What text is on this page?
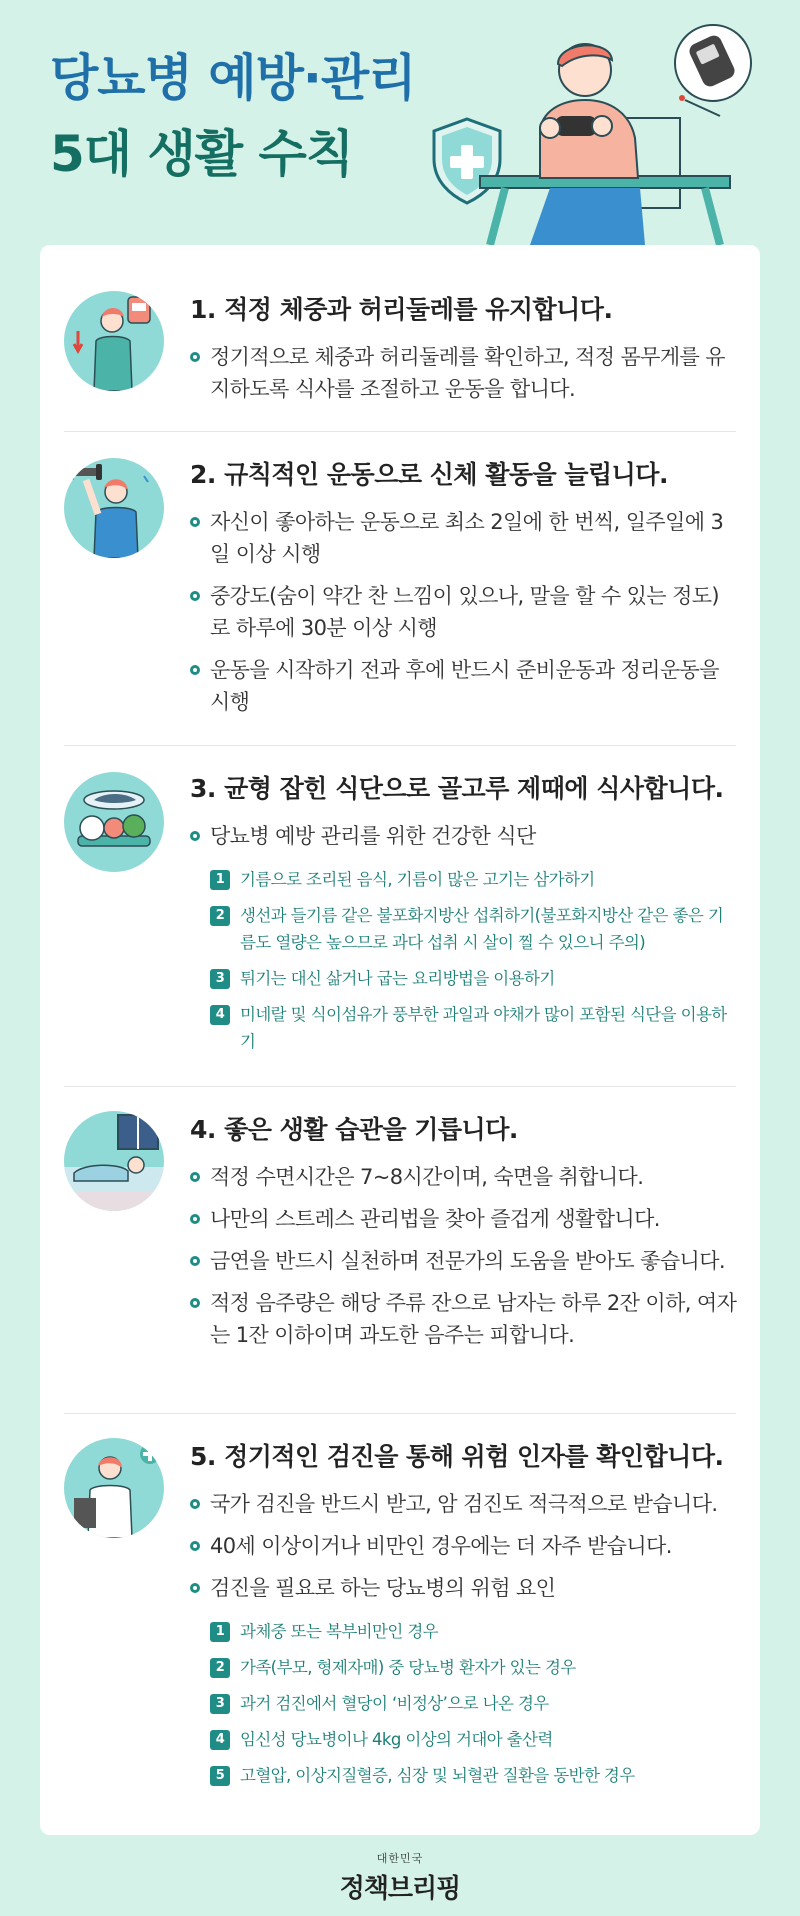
당뇨병 예방·관리
5대 생활 수칙
1. 적정 체중과 허리둘레를 유지합니다.
정기적으로 체중과 허리둘레를 확인하고, 적정 몸무게를 유지하도록 식사를 조절하고 운동을 합니다.
2. 규칙적인 운동으로 신체 활동을 늘립니다.
자신이 좋아하는 운동으로 최소 2일에 한 번씩, 일주일에 3일 이상 시행
중강도(숨이 약간 찬 느낌이 있으나, 말을 할 수 있는 정도)로 하루에 30분 이상 시행
운동을 시작하기 전과 후에 반드시 준비운동과 정리운동을 시행
3. 균형 잡힌 식단으로 골고루 제때에 식사합니다.
당뇨병 예방 관리를 위한 건강한 식단
1 기름으로 조리된 음식, 기름이 많은 고기는 삼가하기
2 생선과 들기름 같은 불포화지방산 섭취하기(불포화지방산 같은 좋은 기름도 열량은 높으므로 과다 섭취 시 살이 찔 수 있으니 주의)
3 튀기는 대신 삶거나 굽는 요리방법을 이용하기
4 미네랄 및 식이섬유가 풍부한 과일과 야채가 많이 포함된 식단을 이용하기
4. 좋은 생활 습관을 기릅니다.
적정 수면시간은 7~8시간이며, 숙면을 취합니다.
나만의 스트레스 관리법을 찾아 즐겁게 생활합니다.
금연을 반드시 실천하며 전문가의 도움을 받아도 좋습니다.
적정 음주량은 해당 주류 잔으로 남자는 하루 2잔 이하, 여자는 1잔 이하이며 과도한 음주는 피합니다.
5. 정기적인 검진을 통해 위험 인자를 확인합니다.
국가 검진을 반드시 받고, 암 검진도 적극적으로 받습니다.
40세 이상이거나 비만인 경우에는 더 자주 받습니다.
검진을 필요로 하는 당뇨병의 위험 요인
1 과체중 또는 복부비만인 경우
2 가족(부모, 형제자매) 중 당뇨병 환자가 있는 경우
3 과거 검진에서 혈당이 ‘비정상’으로 나온 경우
4 임신성 당뇨병이나 4kg 이상의 거대아 출산력
5 고혈압, 이상지질혈증, 심장 및 뇌혈관 질환을 동반한 경우
대한민국
정책브리핑
